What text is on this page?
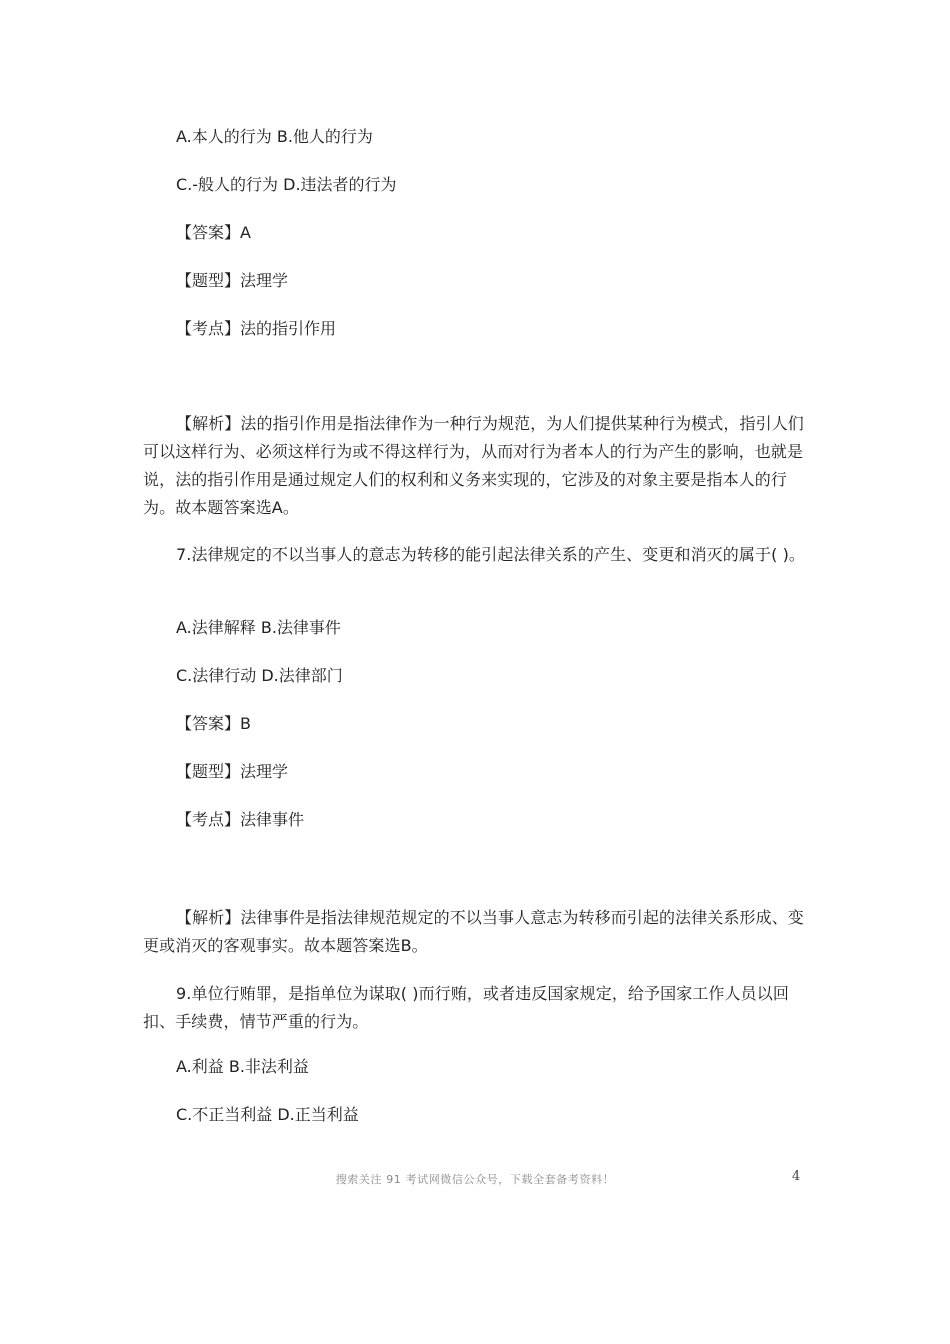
A.本人的行为 B.他人的行为
C.-般人的行为 D.违法者的行为
【答案】A
【题型】法理学
【考点】法的指引作用
【解析】法的指引作用是指法律作为一种行为规范，为人们提供某种行为模式，指引人们可以这样行为、必须这样行为或不得这样行为，从而对行为者本人的行为产生的影响，也就是说，法的指引作用是通过规定人们的权利和义务来实现的，它涉及的对象主要是指本人的行为。故本题答案选A。
7.法律规定的不以当事人的意志为转移的能引起法律关系的产生、变更和消灭的属于( )。
A.法律解释 B.法律事件
C.法律行动 D.法律部门
【答案】B
【题型】法理学
【考点】法律事件
【解析】法律事件是指法律规范规定的不以当事人意志为转移而引起的法律关系形成、变更或消灭的客观事实。故本题答案选B。
9.单位行贿罪，是指单位为谋取( )而行贿，或者违反国家规定，给予国家工作人员以回扣、手续费，情节严重的行为。
A.利益 B.非法利益
C.不正当利益 D.正当利益
搜索关注 91 考试网微信公众号，下载全套备考资料！	4
